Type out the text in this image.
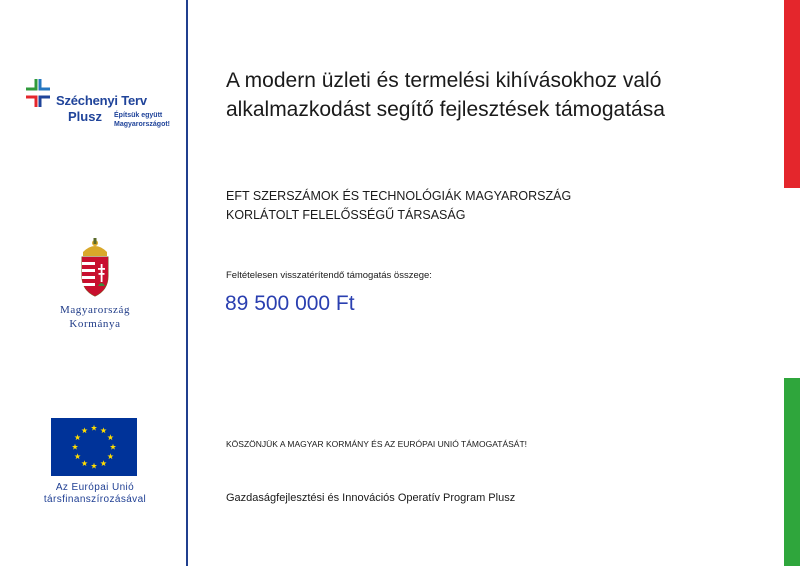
Széchenyi Terv
Plusz Építsük együtt
Magyarországot!
Magyarország
Kormánya
Az Európai Unió
társfinanszírozásával
A modern üzleti és termelési kihívásokhoz való alkalmazkodást segítő fejlesztések támogatása
EFT SZERSZÁMOK ÉS TECHNOLÓGIÁK MAGYARORSZÁG
KORLÁTOLT FELELŐSSÉGŰ TÁRSASÁG
Feltételesen visszatérítendő támogatás összege:
89 500 000 Ft
KÖSZÖNJÜK A MAGYAR KORMÁNY ÉS AZ EURÓPAI UNIÓ TÁMOGATÁSÁT!
Gazdaságfejlesztési és Innovációs Operatív Program Plusz
